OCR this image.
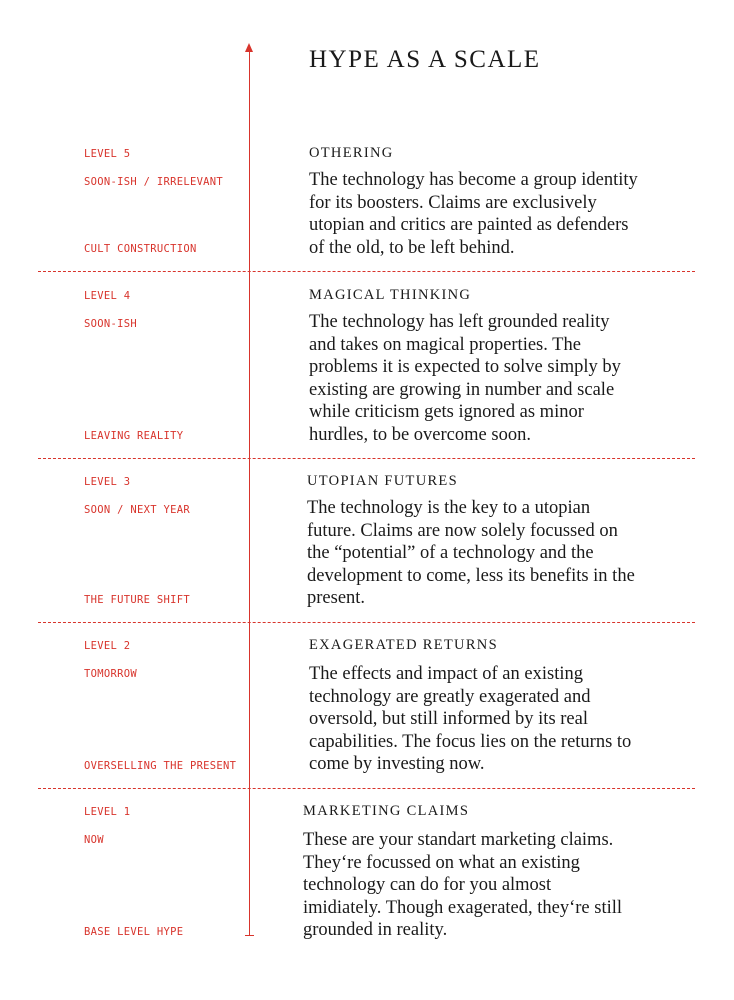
HYPE AS A SCALE
LEVEL 5
SOON-ISH / IRRELEVANT
CULT CONSTRUCTION
OTHERING

The technology has become a group identity
for its boosters. Claims are exclusively
utopian and critics are painted as defenders
of the old, to be left behind.

LEVEL 4
SOON-ISH
LEAVING REALITY
MAGICAL THINKING

The technology has left grounded reality
and takes on magical properties. The
problems it is expected to solve simply by
existing are growing in number and scale
while criticism gets ignored as minor
hurdles, to be overcome soon.

LEVEL 3
SOON / NEXT YEAR
THE FUTURE SHIFT
UTOPIAN FUTURES

The technology is the key to a utopian
future. Claims are now solely focussed on
the “potential” of a technology and the
development to come, less its benefits in the
present.

LEVEL 2
TOMORROW
OVERSELLING THE PRESENT
EXAGERATED RETURNS

The effects and impact of an existing
technology are greatly exagerated and
oversold, but still informed by its real
capabilities. The focus lies on the returns to
come by investing now.

LEVEL 1
NOW
BASE LEVEL HYPE
MARKETING CLAIMS

These are your standart marketing claims.
They‘re focussed on what an existing
technology can do for you almost
imidiately. Though exagerated, they‘re still
grounded in reality.
